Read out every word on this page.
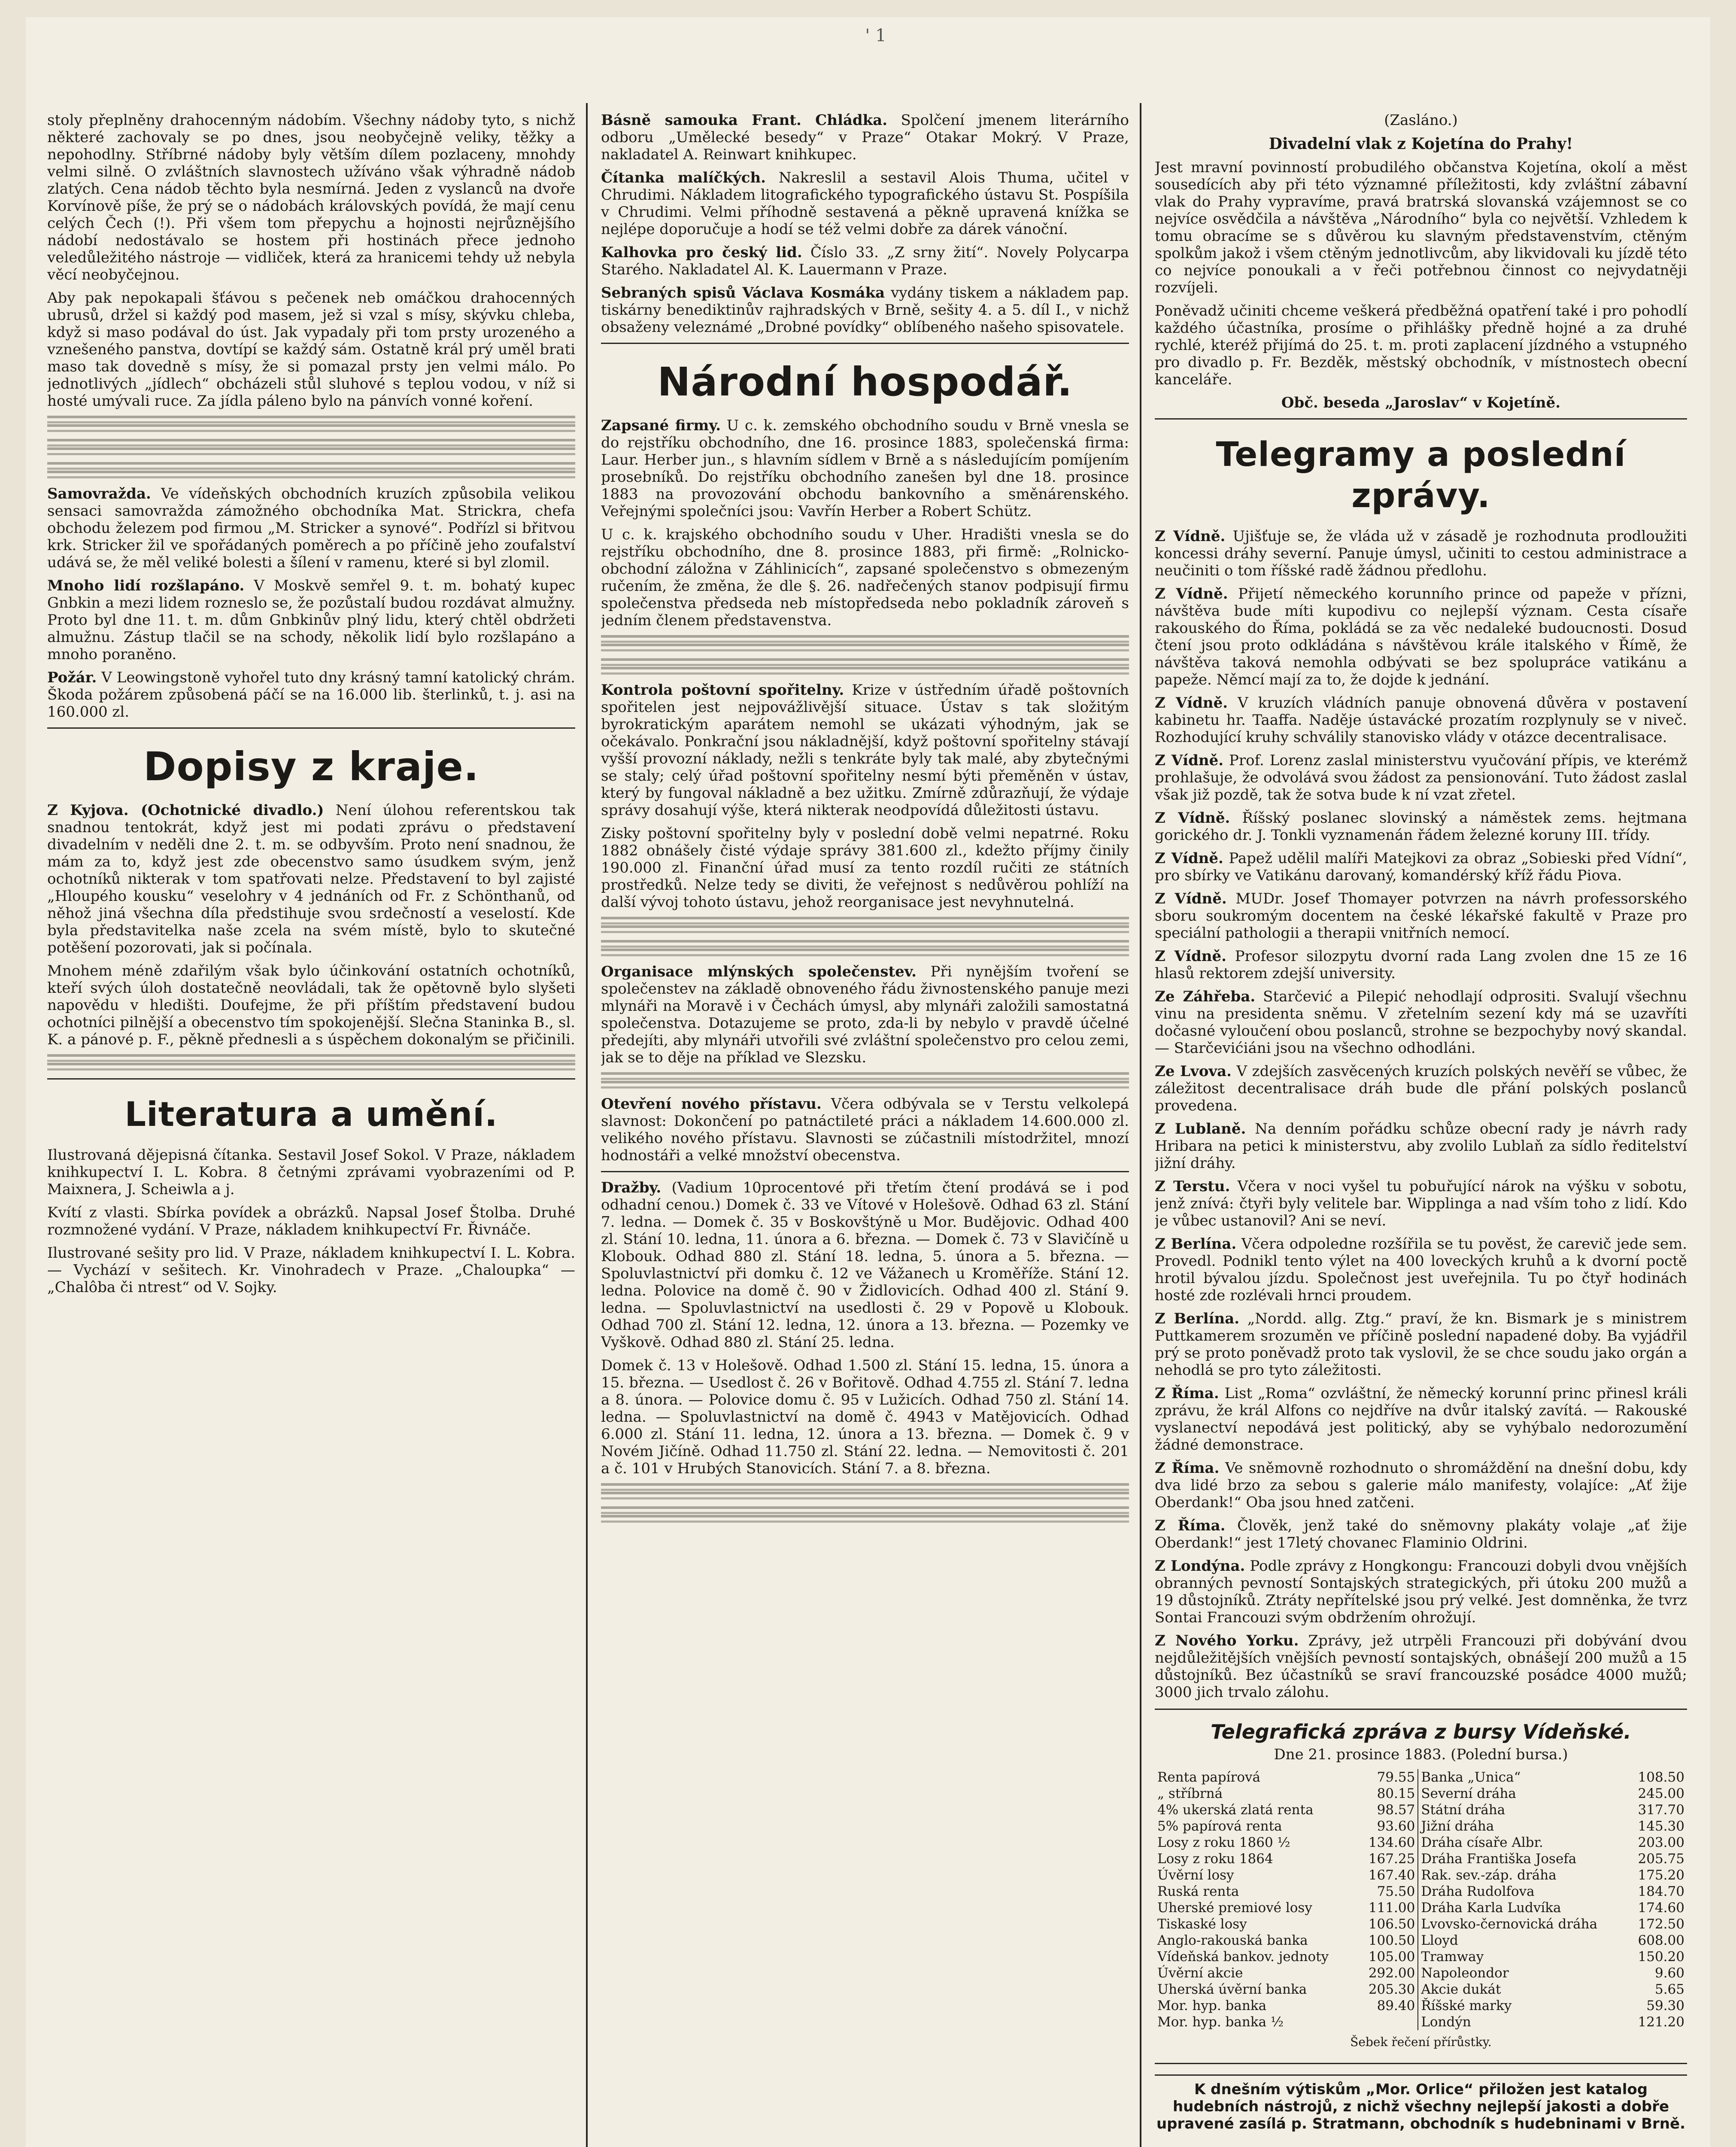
' 1

stoly přeplněny drahocenným nádobím. Všechny nádoby tyto, s nichž některé zachovaly se po dnes, jsou neobyčejně veliky, těžky a nepohodlny. Stříbrné nádoby byly větším dílem pozlaceny, mnohdy velmi silně. O zvláštních slavnostech užíváno však výhradně nádob zlatých. Cena nádob těchto byla nesmírná. Jeden z vyslanců na dvoře Korvínově píše, že prý se o nádobách královských povídá, že mají cenu celých Čech (!). Při všem tom přepychu a hojnosti nejrůznějšího nádobí nedostávalo se hostem při hostinách přece jednoho veledůležitého nástroje — vidliček, která za hranicemi tehdy už nebyla věcí neobyčejnou.

Aby pak nepokapali šťávou s pečenek neb omáčkou drahocenných ubrusů, držel si každý pod masem, jež si vzal s mísy, skývku chleba, když si maso podával do úst. Jak vypadaly při tom prsty urozeného a vznešeného panstva, dovtípí se každý sám. Ostatně král prý uměl brati maso tak dovedně s mísy, že si pomazal prsty jen velmi málo. Po jednotlivých „jídlech“ obcházeli stůl sluhové s teplou vodou, v níž si hosté umývali ruce. Za jídla páleno bylo na pánvích vonné koření.

Samovražda. Ve vídeňských obchodních kruzích způsobila velikou sensaci samovražda zámožného obchodníka Mat. Strickra, chefa obchodu železem pod firmou „M. Stricker a synové“. Podřízl si břitvou krk. Stricker žil ve spořádaných poměrech a po příčině jeho zoufalství udává se, že měl veliké bolesti a šílení v ramenu, které si byl zlomil.

Mnoho lidí rozšlapáno. V Moskvě semřel 9. t. m. bohatý kupec Gnbkin a mezi lidem rozneslo se, že pozůstalí budou rozdávat almužny. Proto byl dne 11. t. m. dům Gnbkinův plný lidu, který chtěl obdržeti almužnu. Zástup tlačil se na schody, několik lidí bylo rozšlapáno a mnoho poraněno.

Požár. V Leowingstoně vyhořel tuto dny krásný tamní katolický chrám. Škoda požárem způsobená páčí se na 16.000 lib. šterlinků, t. j. asi na 160.000 zl.

Dopisy z kraje.

Z Kyjova. (Ochotnické divadlo.) Není úlohou referentskou tak snadnou tentokrát, když jest mi podati zprávu o představení divadelním v neděli dne 2. t. m. se odbyvším. Proto není snadnou, že mám za to, když jest zde obecenstvo samo úsudkem svým, jenž ochotníků nikterak v tom spatřovati nelze. Představení to byl zajisté „Hloupého kousku“ veselohry v 4 jednáních od Fr. z Schönthanů, od něhož jiná všechna díla předstihuje svou srdečností a veselostí. Kde byla představitelka naše zcela na svém místě, bylo to skutečné potěšení pozorovati, jak si počínala.

Mnohem méně zdařilým však bylo účinkování ostatních ochotníků, kteří svých úloh dostatečně neovládali, tak že opětovně bylo slyšeti napovědu v hledišti. Doufejme, že při příštím představení budou ochotníci pilnější a obecenstvo tím spokojenější. Slečna Staninka B., sl. K. a pánové p. F., pěkně přednesli a s úspěchem dokonalým se přičinili.

Literatura a umění.

Ilustrovaná dějepisná čítanka. Sestavil Josef Sokol. V Praze, nákladem knihkupectví I. L. Kobra. 8 četnými zprávami vyobrazeními od P. Maixnera, J. Scheiwla a j.

Kvítí z vlasti. Sbírka povídek a obrázků. Napsal Josef Štolba. Druhé rozmnožené vydání. V Praze, nákladem knihkupectví Fr. Řivnáče.

Ilustrované sešity pro lid. V Praze, nákladem knihkupectví I. L. Kobra. — Vychází v sešitech. Kr. Vinohradech v Praze. „Chaloupka“ — „Chalôba či ntrest“ od V. Sojky.

Básně samouka Frant. Chládka. Spolčení jmenem literárního odboru „Umělecké besedy“ v Praze“ Otakar Mokrý. V Praze, nakladatel A. Reinwart knihkupec.

Čítanka malíčkých. Nakreslil a sestavil Alois Thuma, učitel v Chrudimi. Nákladem litografického typografického ústavu St. Pospíšila v Chrudimi. Velmi příhodně sestavená a pěkně upravená knížka se nejlépe doporučuje a hodí se též velmi dobře za dárek vánoční.

Kalhovka pro český lid. Číslo 33. „Z srny žití“. Novely Polycarpa Starého. Nakladatel Al. K. Lauermann v Praze.

Sebraných spisů Václava Kosmáka vydány tiskem a nákladem pap. tiskárny benediktinův rajhradských v Brně, sešity 4. a 5. díl I., v nichž obsaženy veleznámé „Drobné povídky“ oblíbeného našeho spisovatele.

Národní hospodář.

Zapsané firmy. U c. k. zemského obchodního soudu v Brně vnesla se do rejstříku obchodního, dne 16. prosince 1883, společenská firma: Laur. Herber jun., s hlavním sídlem v Brně a s následujícím pomíjením prosebníků. Do rejstříku obchodního zanešen byl dne 18. prosince 1883 na provozování obchodu bankovního a směnárenského. Veřejnými společníci jsou: Vavřín Herber a Robert Schütz.

U c. k. krajského obchodního soudu v Uher. Hradišti vnesla se do rejstříku obchodního, dne 8. prosince 1883, při firmě: „Rolnicko-obchodní záložna v Záhlinicích“, zapsané společenstvo s obmezeným ručením, že změna, že dle §. 26. nadřečených stanov podpisují firmu společenstva předseda neb místopředseda nebo pokladník zároveň s jedním členem představenstva.

Kontrola poštovní spořitelny. Krize v ústředním úřadě poštovních spořitelen jest nejpovážlivější situace. Ústav s tak složitým byrokratickým aparátem nemohl se ukázati výhodným, jak se očekávalo. Ponkrační jsou nákladnější, když poštovní spořitelny stávají vyšší provozní náklady, nežli s tenkráte byly tak malé, aby zbytečnými se staly; celý úřad poštovní spořitelny nesmí býti přeměněn v ústav, který by fungoval nákladně a bez užitku. Zmírně zdůrazňují, že výdaje správy dosahují výše, která nikterak neodpovídá důležitosti ústavu.

Zisky poštovní spořitelny byly v poslední době velmi nepatrné. Roku 1882 obnášely čisté výdaje správy 381.600 zl., kdežto příjmy činily 190.000 zl. Finanční úřad musí za tento rozdíl ručiti ze státních prostředků. Nelze tedy se diviti, že veřejnost s nedůvěrou pohlíží na další vývoj tohoto ústavu, jehož reorganisace jest nevyhnutelná.

Organisace mlýnských společenstev. Při nynějším tvoření se společenstev na základě obnoveného řádu živnostenského panuje mezi mlynáři na Moravě i v Čechách úmysl, aby mlynáři založili samostatná společenstva. Dotazujeme se proto, zda-li by nebylo v pravdě účelné předejíti, aby mlynáři utvořili své zvláštní společenstvo pro celou zemi, jak se to děje na příklad ve Slezsku.

Otevření nového přístavu. Včera odbývala se v Terstu velkolepá slavnost: Dokončení po patnáctileté práci a nákladem 14.600.000 zl. velikého nového přístavu. Slavnosti se zúčastnili místodržitel, mnozí hodnostáři a velké množství obecenstva.

Dražby. (Vadium 10procentové při třetím čtení prodává se i pod odhadní cenou.) Domek č. 33 ve Vítové v Holešově. Odhad 63 zl. Stání 7. ledna. — Domek č. 35 v Boskovštýně u Mor. Budějovic. Odhad 400 zl. Stání 10. ledna, 11. února a 6. března. — Domek č. 73 v Slavičíně u Klobouk. Odhad 880 zl. Stání 18. ledna, 5. února a 5. března. — Spoluvlastnictví při domku č. 12 ve Vážanech u Kroměříže. Stání 12. ledna. Polovice na domě č. 90 v Židlovicích. Odhad 400 zl. Stání 9. ledna. — Spoluvlastnictví na usedlosti č. 29 v Popově u Klobouk. Odhad 700 zl. Stání 12. ledna, 12. února a 13. března. — Pozemky ve Vyškově. Odhad 880 zl. Stání 25. ledna.

Domek č. 13 v Holešově. Odhad 1.500 zl. Stání 15. ledna, 15. února a 15. března. — Usedlost č. 26 v Bořitově. Odhad 4.755 zl. Stání 7. ledna a 8. února. — Polovice domu č. 95 v Lužicích. Odhad 750 zl. Stání 14. ledna. — Spoluvlastnictví na domě č. 4943 v Matějovicích. Odhad 6.000 zl. Stání 11. ledna, 12. února a 13. března. — Domek č. 9 v Novém Jičíně. Odhad 11.750 zl. Stání 22. ledna. — Nemovitosti č. 201 a č. 101 v Hrubých Stanovicích. Stání 7. a 8. března.

(Zasláno.)

Divadelní vlak z Kojetína do Prahy!

Jest mravní povinností probudilého občanstva Kojetína, okolí a měst sousedících aby při této významné příležitosti, kdy zvláštní zábavní vlak do Prahy vypravíme, pravá bratrská slovanská vzájemnost se co nejvíce osvědčila a návštěva „Národního“ byla co největší. Vzhledem k tomu obracíme se s důvěrou ku slavným představenstvím, ctěným spolkům jakož i všem ctěným jednotlivcům, aby likvidovali ku jízdě této co nejvíce ponoukali a v řeči potřebnou činnost co nejvydatněji rozvíjeli.

Poněvadž učiniti chceme veškerá předběžná opatření také i pro pohodlí každého účastníka, prosíme o přihlášky předně hojné a za druhé rychlé, kteréž přijímá do 25. t. m. proti zaplacení jízdného a vstupného pro divadlo p. Fr. Bezděk, městský obchodník, v místnostech obecní kanceláře.

Obč. beseda „Jaroslav“ v Kojetíně.

Telegramy a poslední zprávy.

Z Vídně. Ujišťuje se, že vláda už v zásadě je rozhodnuta prodloužiti koncessi dráhy severní. Panuje úmysl, učiniti to cestou administrace a neučiniti o tom říšské radě žádnou předlohu.

Z Vídně. Přijetí německého korunního prince od papeže v přízni, návštěva bude míti kupodivu co nejlepší význam. Cesta císaře rakouského do Říma, pokládá se za věc nedaleké budoucnosti. Dosud čtení jsou proto odkládána s návštěvou krále italského v Římě, že návštěva taková nemohla odbývati se bez spolupráce vatikánu a papeže. Němcí mají za to, že dojde k jednání.

Z Vídně. V kruzích vládních panuje obnovená důvěra v postavení kabinetu hr. Taaffa. Naděje ústavácké prozatím rozplynuly se v niveč. Rozhodující kruhy schválily stanovisko vlády v otázce decentralisace.

Z Vídně. Prof. Lorenz zaslal ministerstvu vyučování přípis, ve kterémž prohlašuje, že odvolává svou žádost za pensionování. Tuto žádost zaslal však již pozdě, tak že sotva bude k ní vzat zřetel.

Z Vídně. Říšský poslanec slovinský a náměstek zems. hejtmana gorického dr. J. Tonkli vyznamenán řádem železné koruny III. třídy.

Z Vídně. Papež udělil malíři Matejkovi za obraz „Sobieski před Vídní“, pro sbírky ve Vatikánu darovaný, komandérský kříž řádu Piova.

Z Vídně. MUDr. Josef Thomayer potvrzen na návrh professorského sboru soukromým docentem na české lékařské fakultě v Praze pro speciální pathologii a therapii vnitřních nemocí.

Z Vídně. Profesor silozpytu dvorní rada Lang zvolen dne 15 ze 16 hlasů rektorem zdejší university.

Ze Záhřeba. Starčević a Pilepić nehodlají odprositi. Svalují všechnu vinu na presidenta sněmu. V zřetelním sezení kdy má se uzavříti dočasné vyloučení obou poslanců, strohne se bezpochyby nový skandal. — Starčevićiáni jsou na všechno odhodláni.

Ze Lvova. V zdejších zasvěcených kruzích polských nevěří se vůbec, že záležitost decentralisace dráh bude dle přání polských poslanců provedena.

Z Lublaně. Na denním pořádku schůze obecní rady je návrh rady Hribara na petici k ministerstvu, aby zvolilo Lublaň za sídlo ředitelství jižní dráhy.

Z Terstu. Včera v noci vyšel tu pobuřující nárok na výšku v sobotu, jenž znívá: čtyři byly velitele bar. Wipplinga a nad vším toho z lidí. Kdo je vůbec ustanovil? Ani se neví.

Z Berlína. Včera odpoledne rozšířila se tu pověst, že carevič jede sem. Provedl. Podnikl tento výlet na 400 loveckých kruhů a k dvorní poctě hrotil bývalou jízdu. Společnost jest uveřejnila. Tu po čtyř hodinách hosté zde rozlévali hrnci proudem.

Z Berlína. „Nordd. allg. Ztg.“ praví, že kn. Bismark je s ministrem Puttkamerem srozuměn ve příčině poslední napadené doby. Ba vyjádřil prý se proto poněvadž proto tak vyslovil, že se chce soudu jako orgán a nehodlá se pro tyto záležitosti.

Z Říma. List „Roma“ ozvláštní, že německý korunní princ přinesl králi zprávu, že král Alfons co nejdříve na dvůr italský zavítá. — Rakouské vyslanectví nepodává jest politický, aby se vyhýbalo nedorozumění žádné demonstrace.

Z Říma. Ve sněmovně rozhodnuto o shromáždění na dnešní dobu, kdy dva lidé brzo za sebou s galerie málo manifesty, volajíce: „Ať žije Oberdank!“ Oba jsou hned zatčeni.

Z Říma. Člověk, jenž také do sněmovny plakáty volaje „ať žije Oberdank!“ jest 17letý chovanec Flaminio Oldrini.

Z Londýna. Podle zprávy z Hongkongu: Francouzi dobyli dvou vnějších obranných pevností Sontajských strategických, při útoku 200 mužů a 19 důstojníků. Ztráty nepřítelské jsou prý velké. Jest domněnka, že tvrz Sontai Francouzi svým obdržením ohrožují.

Z Nového Yorku. Zprávy, jež utrpěli Francouzi při dobývání dvou nejdůležitějších vnějších pevností sontajských, obnášejí 200 mužů a 15 důstojníků. Bez účastníků se sraví francouzské posádce 4000 mužů; 3000 jich trvalo zálohu.

Telegrafická zpráva z bursy Vídeňské.

Dne 21. prosince 1883. (Polední bursa.)

Renta papírová	79.55	Banka „Unica“	108.50
„ stříbrná	80.15	Severní dráha	245.00
4% ukerská zlatá renta	98.57	Státní dráha	317.70
5% papírová renta	93.60	Jižní dráha	145.30
Losy z roku 1860 ½	134.60	Dráha císaře Albr.	203.00
Losy z roku 1864	167.25	Dráha Františka Josefa	205.75
Úvěrní losy	167.40	Rak. sev.-záp. dráha	175.20
Ruská renta	75.50	Dráha Rudolfova	184.70
Uherské premiové losy	111.00	Dráha Karla Ludvíka	174.60
Tiskaské losy	106.50	Lvovsko-černovická dráha	172.50
Anglo-rakouská banka	100.50	Lloyd	608.00
Vídeňská bankov. jednoty	105.00	Tramway	150.20
Úvěrní akcie	292.00	Napoleondor	9.60
Uherská úvěrní banka	205.30	Akcie dukát	5.65
Mor. hyp. banka	89.40	Říšské marky	59.30
Mor. hyp. banka ½		Londýn	121.20

Šebek řečení přírůstky.

K dnešním výtiskům „Mor. Orlice“ přiložen jest katalog hudebních nástrojů, z nichž všechny nejlepší jakosti a dobře upravené zasílá p. Stratmann, obchodník s hudebninami v Brně.
